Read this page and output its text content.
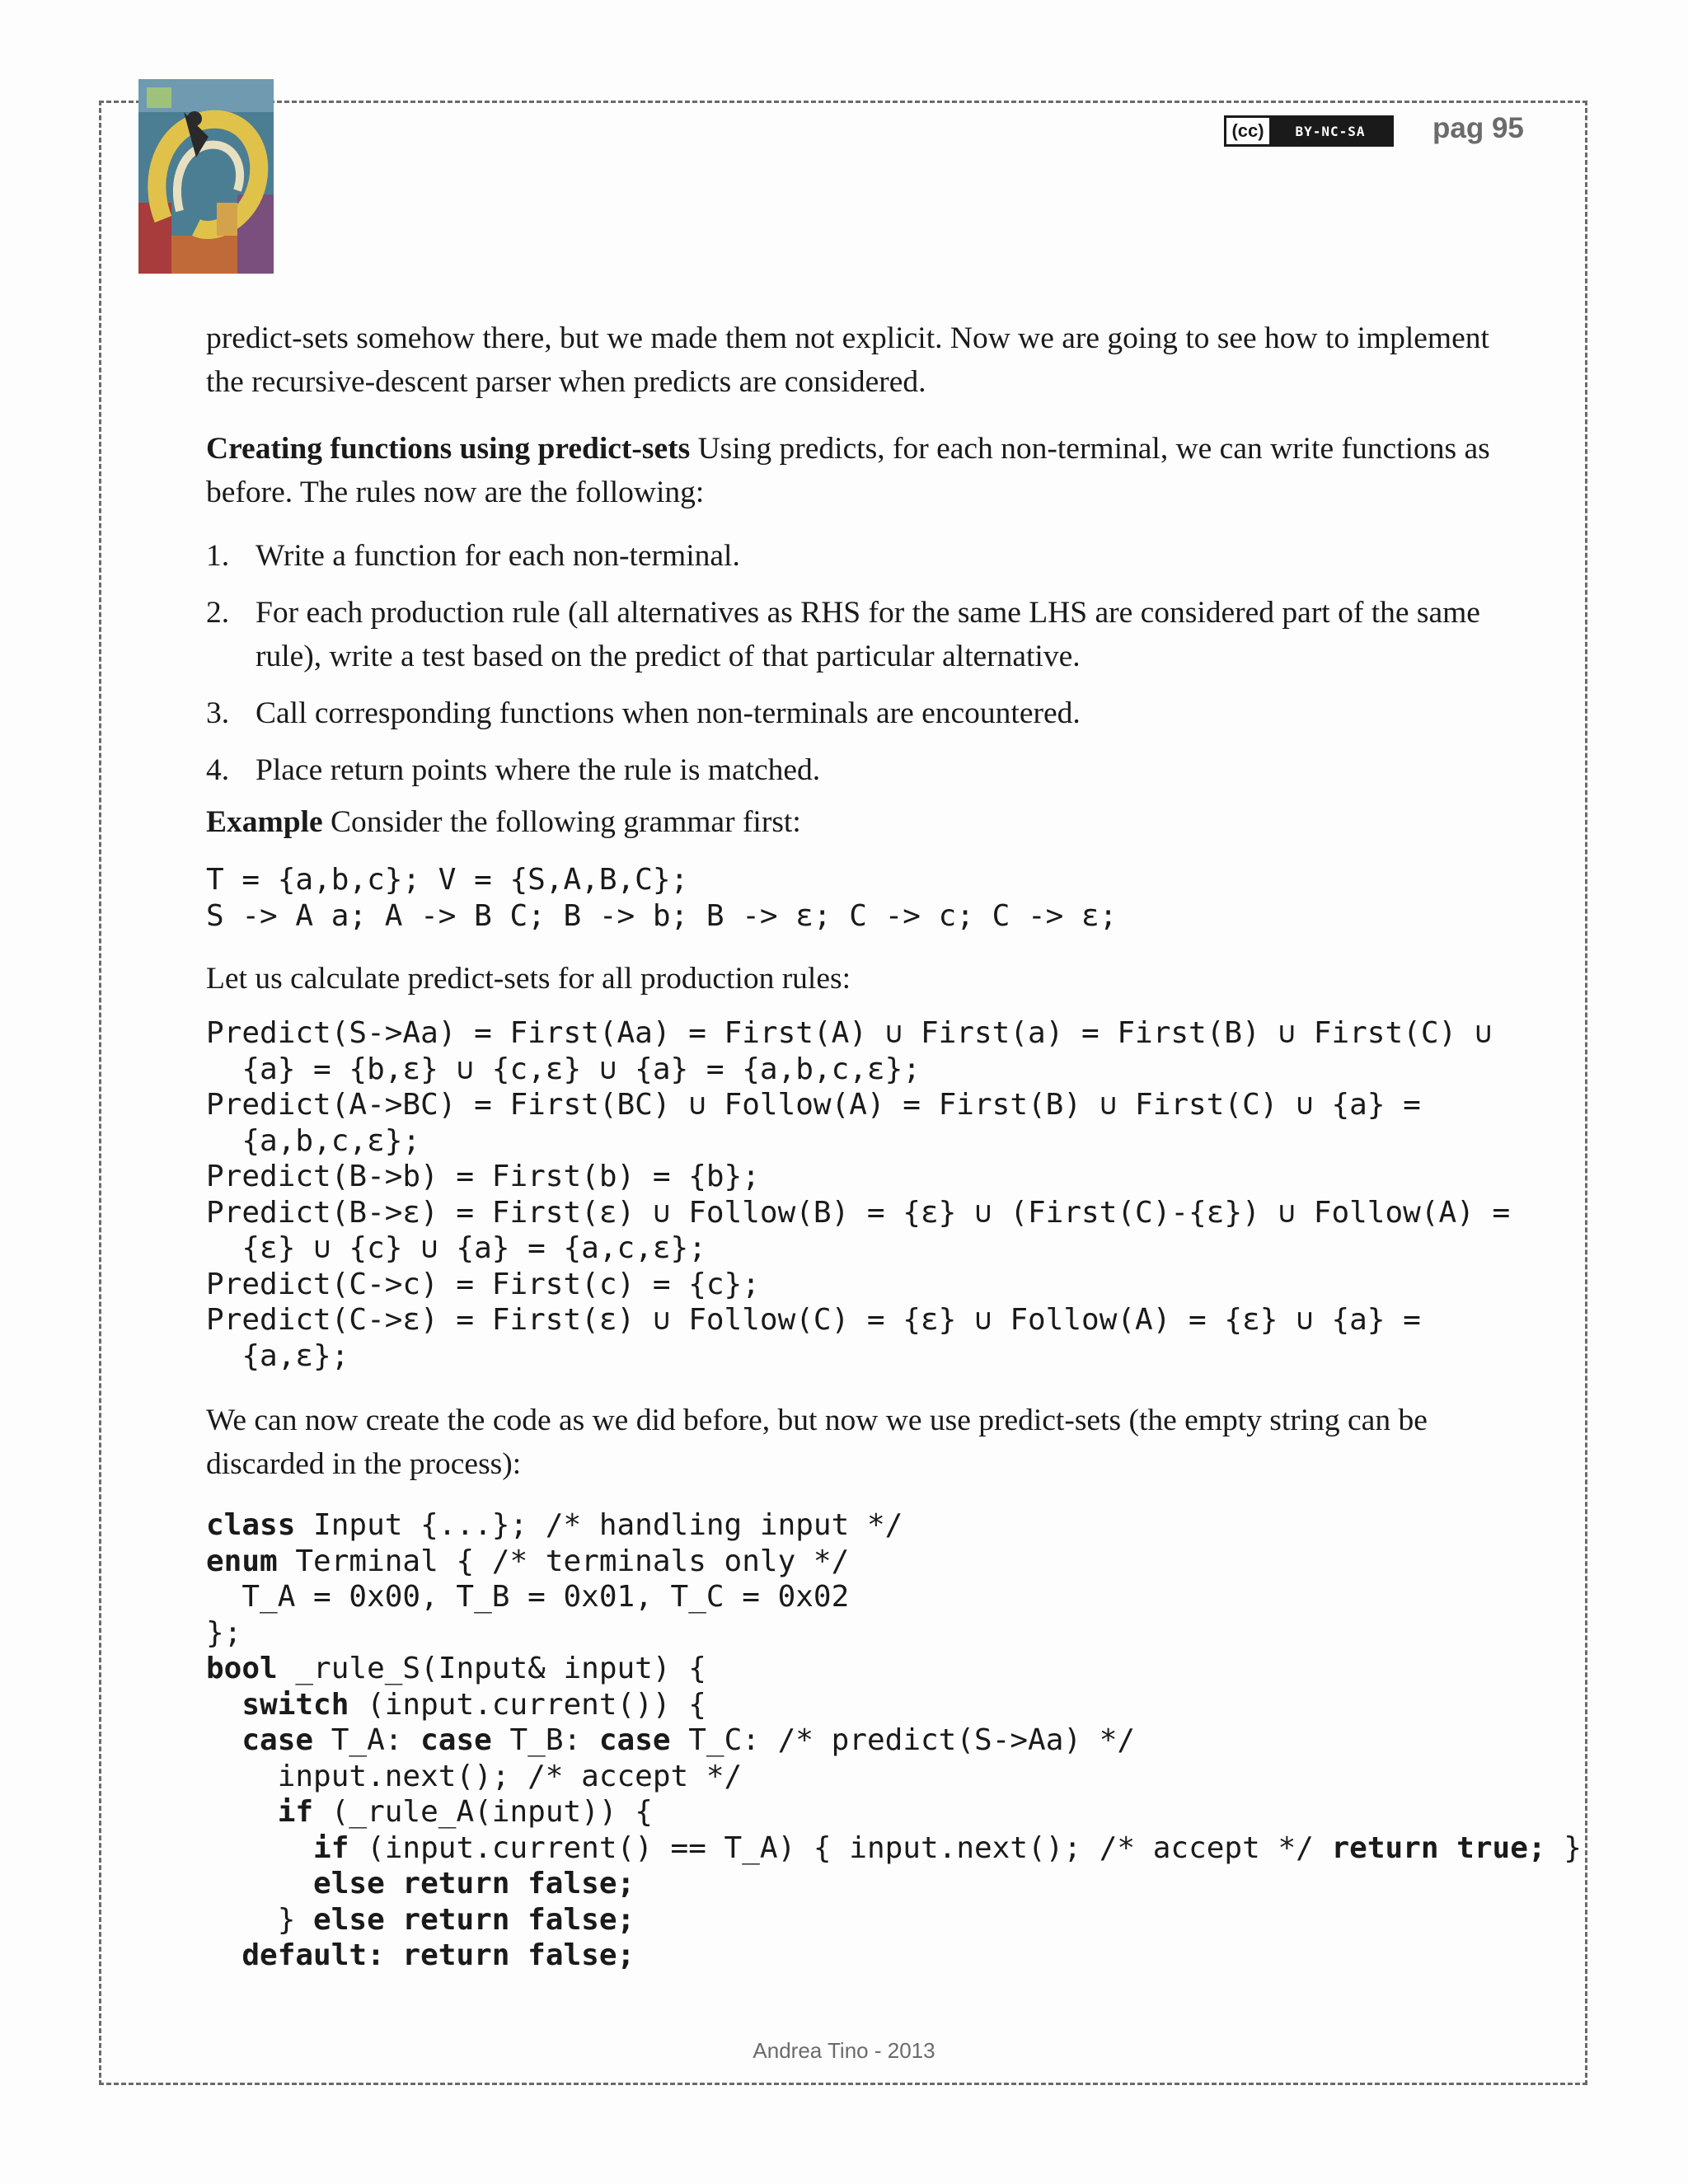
(cc)	BY-NC-SA	pag 95

predict-sets somehow there, but we made them not explicit. Now we are going to see how to implement the recursive-descent parser when predicts are considered.

Creating functions using predict-sets Using predicts, for each non-terminal, we can write functions as before. The rules now are the following:

1. Write a function for each non-terminal.
2. For each production rule (all alternatives as RHS for the same LHS are considered part of the same rule), write a test based on the predict of that particular alternative.
3. Call corresponding functions when non-terminals are encountered.
4. Place return points where the rule is matched.

Example Consider the following grammar first:

T = {a,b,c}; V = {S,A,B,C};
S -> A a; A -> B C; B -> b; B -> ε; C -> c; C -> ε;

Let us calculate predict-sets for all production rules:

Predict(S->Aa) = First(Aa) = First(A) ∪ First(a) = First(B) ∪ First(C) ∪
{a} = {b,ε} ∪ {c,ε} ∪ {a} = {a,b,c,ε};
Predict(A->BC) = First(BC) ∪ Follow(A) = First(B) ∪ First(C) ∪ {a} =
{a,b,c,ε};
Predict(B->b) = First(b) = {b};
Predict(B->ε) = First(ε) ∪ Follow(B) = {ε} ∪ (First(C)-{ε}) ∪ Follow(A) =
{ε} ∪ {c} ∪ {a} = {a,c,ε};
Predict(C->c) = First(c) = {c};
Predict(C->ε) = First(ε) ∪ Follow(C) = {ε} ∪ Follow(A) = {ε} ∪ {a} =
{a,ε};

We can now create the code as we did before, but now we use predict-sets (the empty string can be discarded in the process):

class Input {...}; /* handling input */
enum Terminal { /* terminals only */
T_A = 0x00, T_B = 0x01, T_C = 0x02
};
bool _rule_S(Input& input) {
switch (input.current()) {
case T_A: case T_B: case T_C: /* predict(S->Aa) */
input.next(); /* accept */
if (_rule_A(input)) {
if (input.current() == T_A) { input.next(); /* accept */ return true; }
else return false;
} else return false;
default: return false;
Andrea Tino - 2013
